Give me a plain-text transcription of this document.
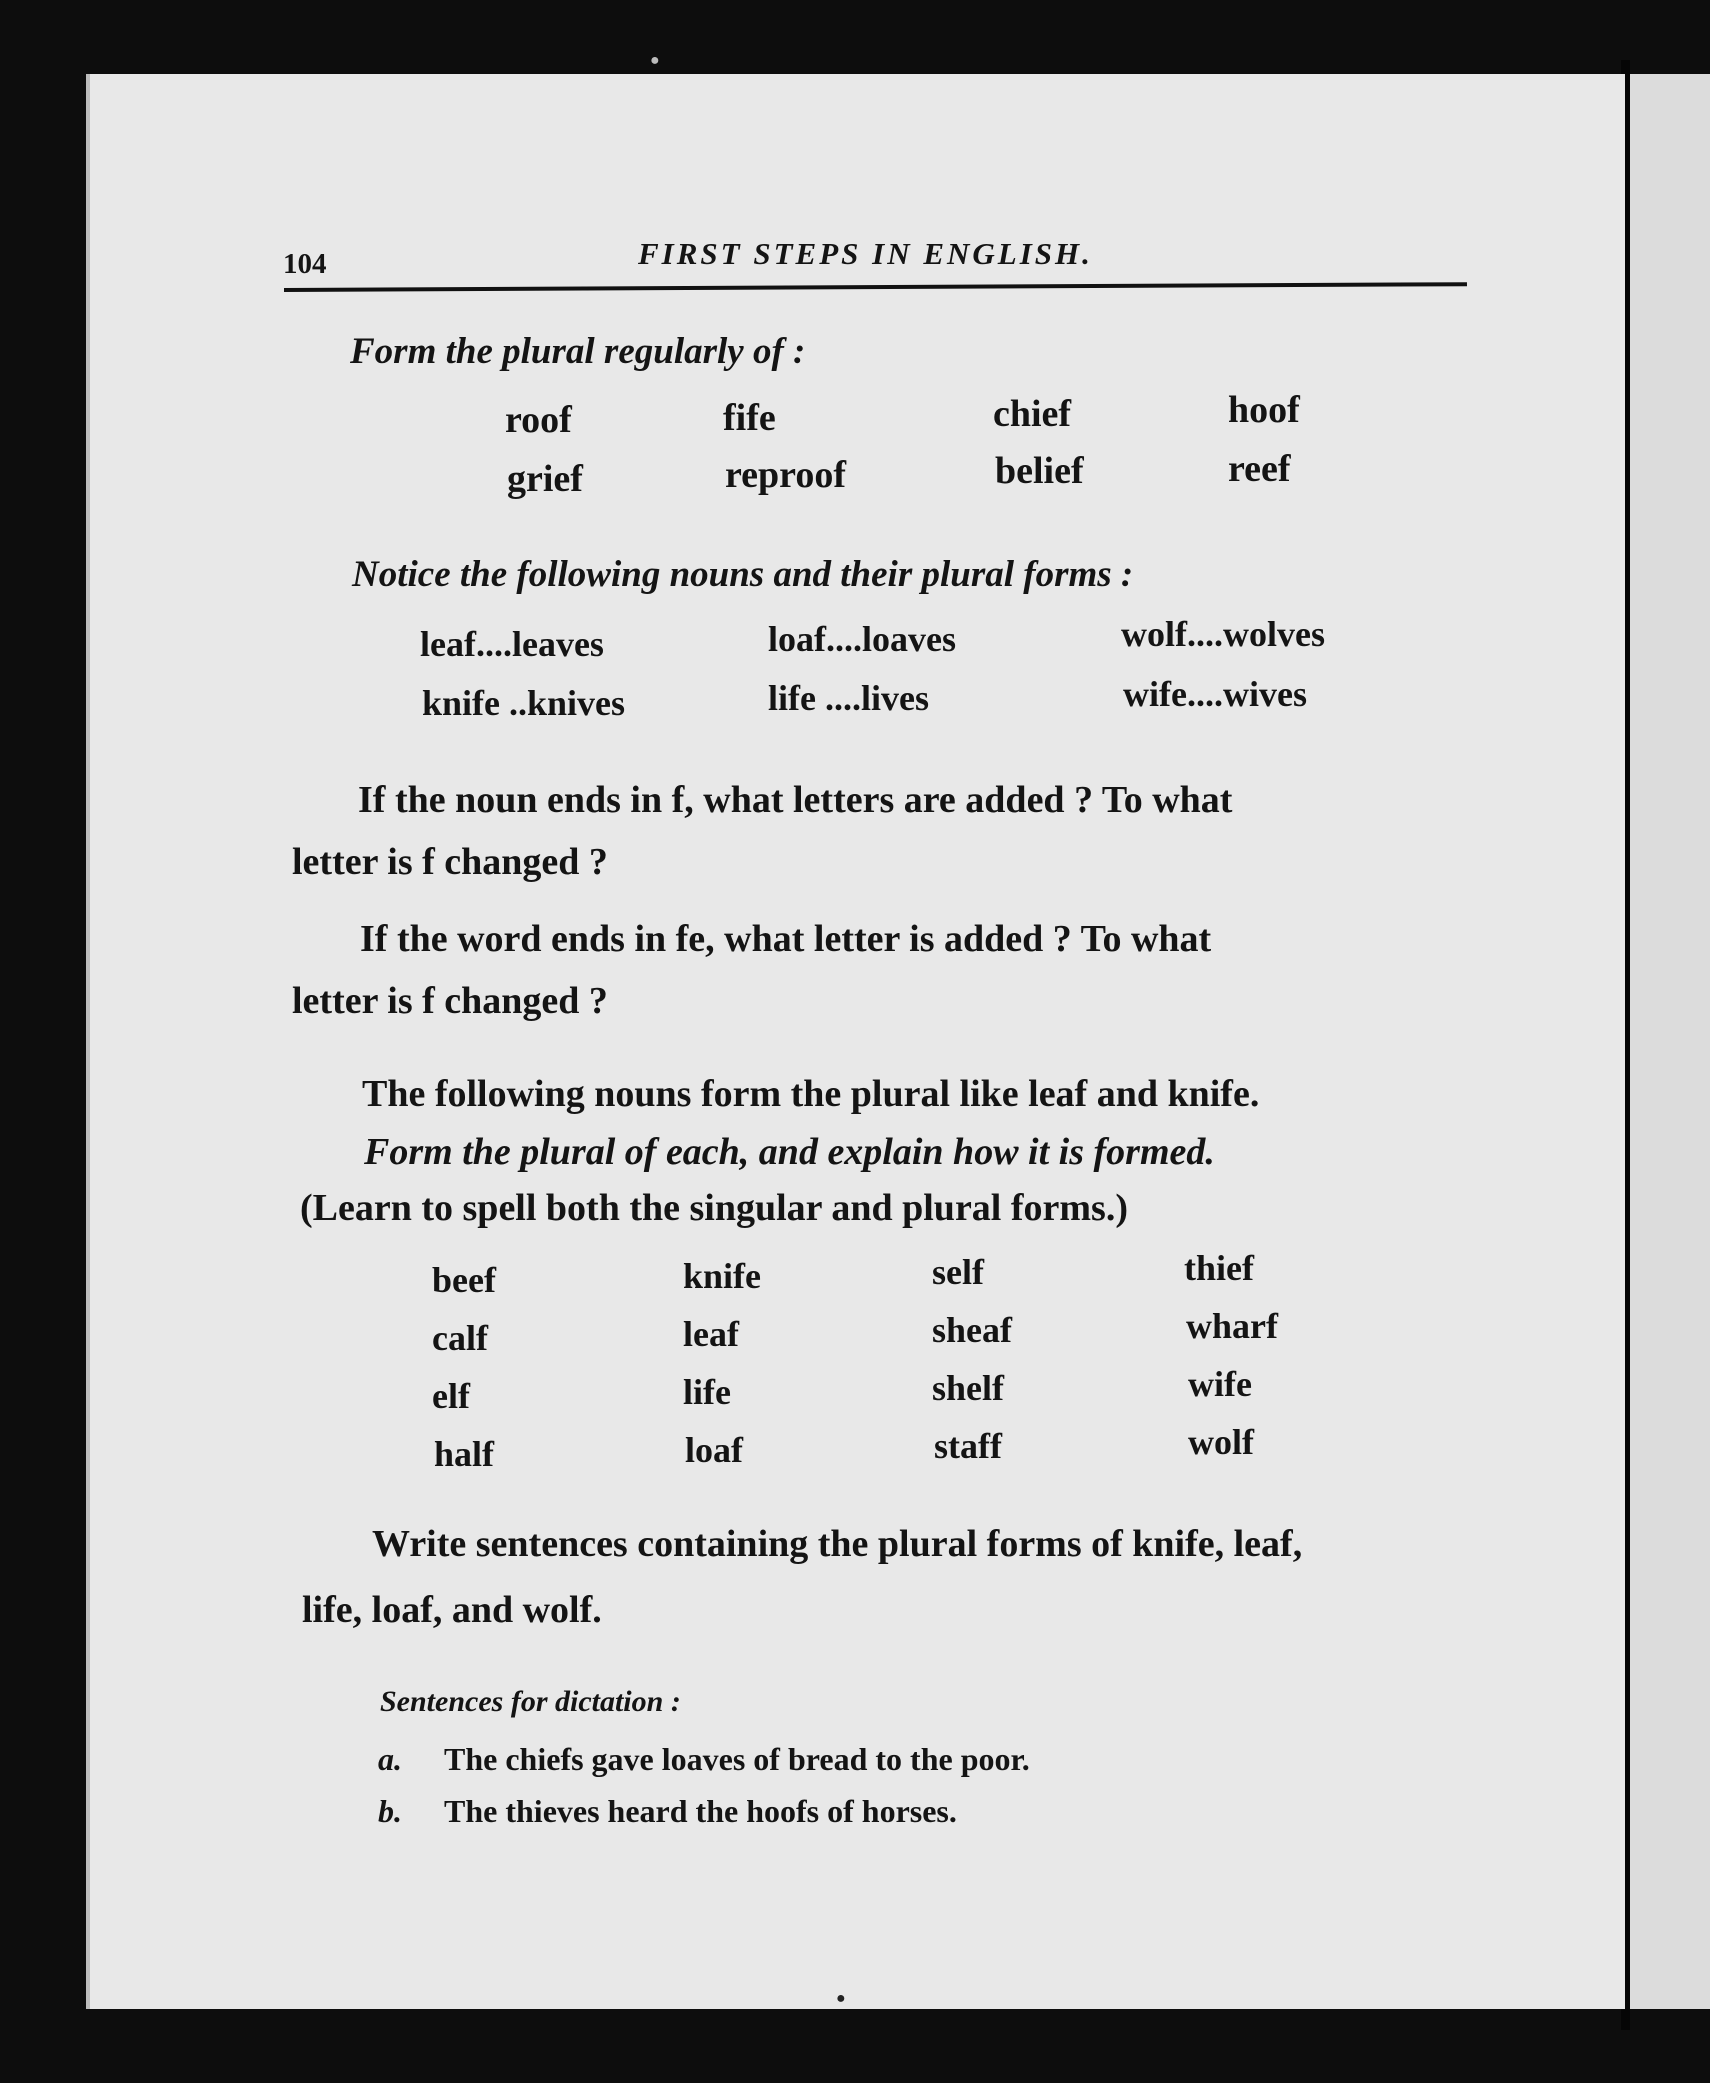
●
●
104	FIRST STEPS IN ENGLISH.
Form the plural regularly of :
roof	fife	chief	hoof
grief	reproof	belief	reef
Notice the following nouns and their plural forms :
leaf....leaves	loaf....loaves	wolf....wolves
knife ..knives	life ....lives	wife....wives
If the noun ends in f, what letters are added ? To what
letter is f changed ?
If the word ends in fe, what letter is added ? To what
letter is f changed ?
The following nouns form the plural like leaf and knife.
Form the plural of each, and explain how it is formed.
(Learn to spell both the singular and plural forms.)
beef	knife	self	thief
calf	leaf	sheaf	wharf
elf	life	shelf	wife
half	loaf	staff	wolf
Write sentences containing the plural forms of knife, leaf,
life, loaf, and wolf.
Sentences for dictation :
a. The chiefs gave loaves of bread to the poor.
b. The thieves heard the hoofs of horses.
